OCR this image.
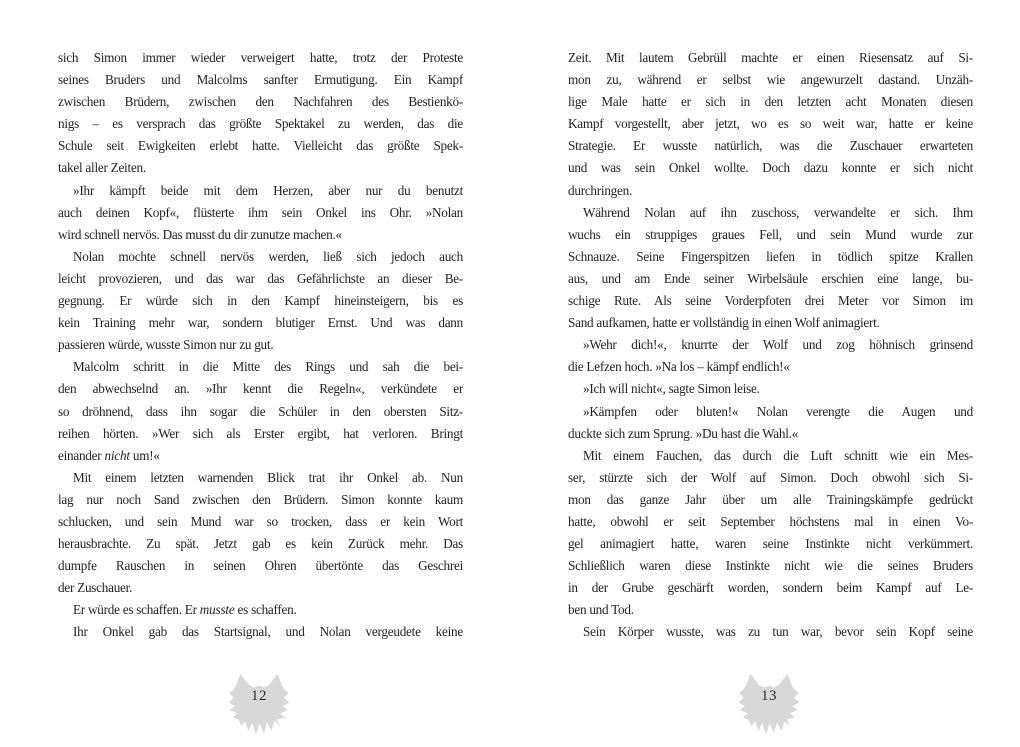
sich Simon immer wieder verweigert hatte, trotz der Proteste
seines Bruders und Malcolms sanfter Ermutigung. Ein Kampf
zwischen Brüdern, zwischen den Nachfahren des Bestienkö-
nigs – es versprach das größte Spektakel zu werden, das die
Schule seit Ewigkeiten erlebt hatte. Vielleicht das größte Spek-
takel aller Zeiten.
»Ihr kämpft beide mit dem Herzen, aber nur du benutzt
auch deinen Kopf«, flüsterte ihm sein Onkel ins Ohr. »Nolan
wird schnell nervös. Das musst du dir zunutze machen.«
Nolan mochte schnell nervös werden, ließ sich jedoch auch
leicht provozieren, und das war das Gefährlichste an dieser Be-
gegnung. Er würde sich in den Kampf hineinsteigern, bis es
kein Training mehr war, sondern blutiger Ernst. Und was dann
passieren würde, wusste Simon nur zu gut.
Malcolm schritt in die Mitte des Rings und sah die bei-
den abwechselnd an. »Ihr kennt die Regeln«, verkündete er
so dröhnend, dass ihn sogar die Schüler in den obersten Sitz-
reihen hörten. »Wer sich als Erster ergibt, hat verloren. Bringt
einander nicht um!«
Mit einem letzten warnenden Blick trat ihr Onkel ab. Nun
lag nur noch Sand zwischen den Brüdern. Simon konnte kaum
schlucken, und sein Mund war so trocken, dass er kein Wort
herausbrachte. Zu spät. Jetzt gab es kein Zurück mehr. Das
dumpfe Rauschen in seinen Ohren übertönte das Geschrei
der Zuschauer.
Er würde es schaffen. Er musste es schaffen.
Ihr Onkel gab das Startsignal, und Nolan vergeudete keine
Zeit. Mit lautem Gebrüll machte er einen Riesensatz auf Si-
mon zu, während er selbst wie angewurzelt dastand. Unzäh-
lige Male hatte er sich in den letzten acht Monaten diesen
Kampf vorgestellt, aber jetzt, wo es so weit war, hatte er keine
Strategie. Er wusste natürlich, was die Zuschauer erwarteten
und was sein Onkel wollte. Doch dazu konnte er sich nicht
durchringen.
Während Nolan auf ihn zuschoss, verwandelte er sich. Ihm
wuchs ein struppiges graues Fell, und sein Mund wurde zur
Schnauze. Seine Fingerspitzen liefen in tödlich spitze Krallen
aus, und am Ende seiner Wirbelsäule erschien eine lange, bu-
schige Rute. Als seine Vorderpfoten drei Meter vor Simon im
Sand aufkamen, hatte er vollständig in einen Wolf animagiert.
»Wehr dich!«, knurrte der Wolf und zog höhnisch grinsend
die Lefzen hoch. »Na los – kämpf endlich!«
»Ich will nicht«, sagte Simon leise.
»Kämpfen oder bluten!« Nolan verengte die Augen und
duckte sich zum Sprung. »Du hast die Wahl.«
Mit einem Fauchen, das durch die Luft schnitt wie ein Mes-
ser, stürzte sich der Wolf auf Simon. Doch obwohl sich Si-
mon das ganze Jahr über um alle Trainingskämpfe gedrückt
hatte, obwohl er seit September höchstens mal in einen Vo-
gel animagiert hatte, waren seine Instinkte nicht verkümmert.
Schließlich waren diese Instinkte nicht wie die seines Bruders
in der Grube geschärft worden, sondern beim Kampf auf Le-
ben und Tod.
Sein Körper wusste, was zu tun war, bevor sein Kopf seine
12	13
